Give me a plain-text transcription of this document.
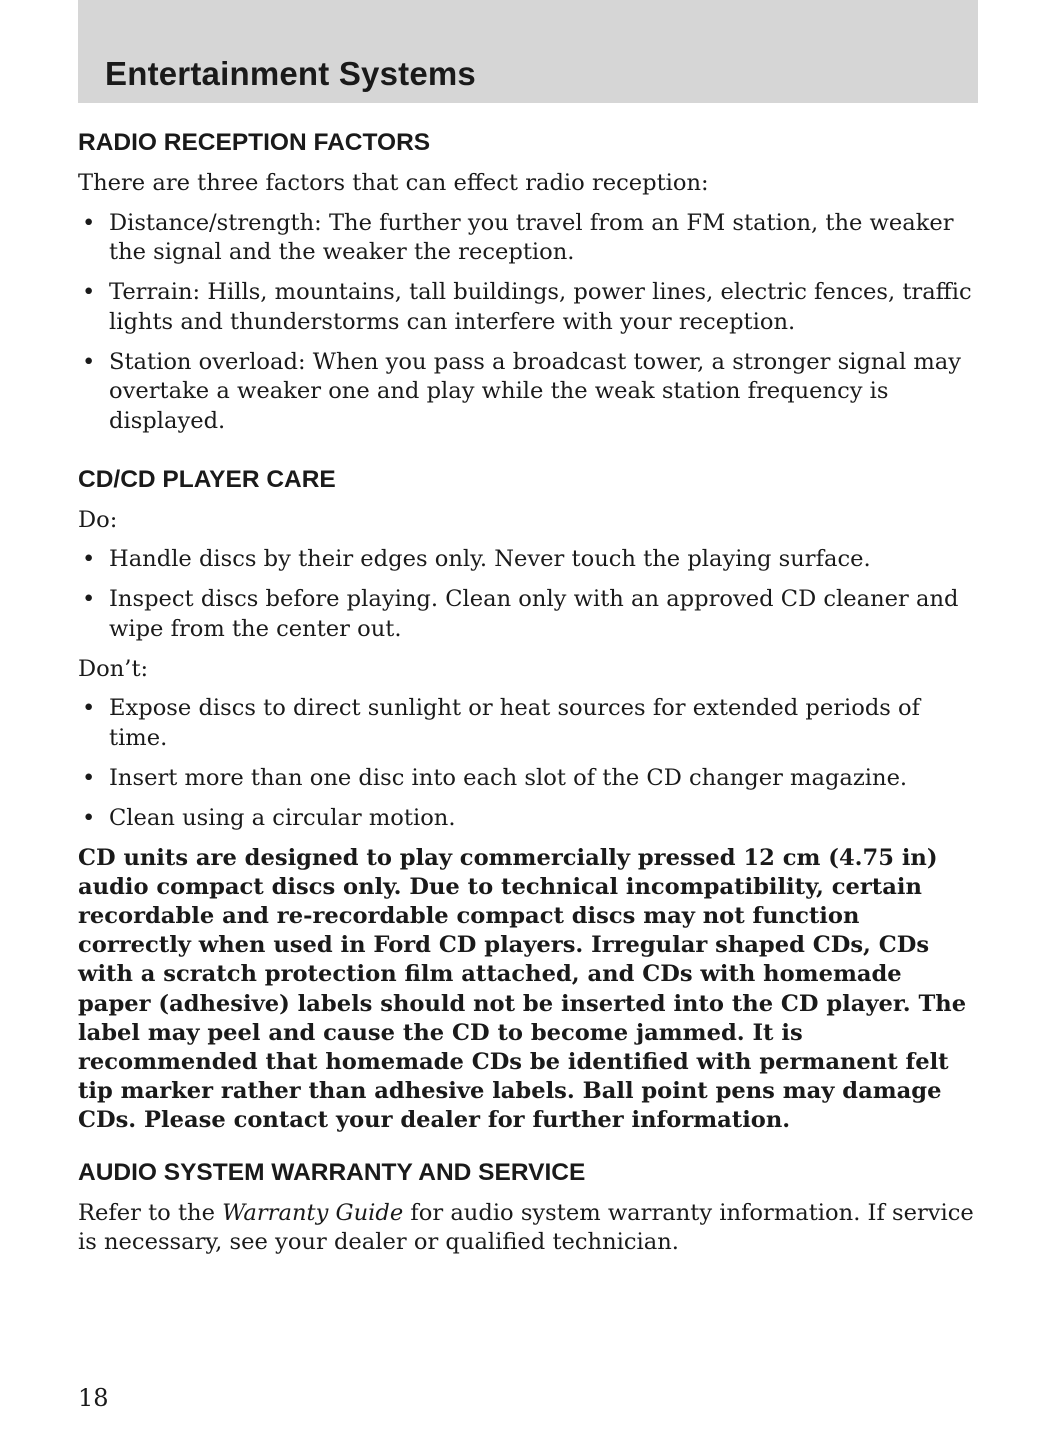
Entertainment Systems
RADIO RECEPTION FACTORS

There are three factors that can effect radio reception:

• Distance/strength: The further you travel from an FM station, the weaker the signal and the weaker the reception.
• Terrain: Hills, mountains, tall buildings, power lines, electric fences, traffic lights and thunderstorms can interfere with your reception.
• Station overload: When you pass a broadcast tower, a stronger signal may overtake a weaker one and play while the weak station frequency is displayed.
CD/CD PLAYER CARE

Do:

• Handle discs by their edges only. Never touch the playing surface.
• Inspect discs before playing. Clean only with an approved CD cleaner and wipe from the center out.

Don’t:

• Expose discs to direct sunlight or heat sources for extended periods of time.
• Insert more than one disc into each slot of the CD changer magazine.
• Clean using a circular motion.

CD units are designed to play commercially pressed 12 cm (4.75 in) audio compact discs only. Due to technical incompatibility, certain recordable and re-recordable compact discs may not function correctly when used in Ford CD players. Irregular shaped CDs, CDs with a scratch protection film attached, and CDs with homemade paper (adhesive) labels should not be inserted into the CD player. The label may peel and cause the CD to become jammed. It is recommended that homemade CDs be identified with permanent felt tip marker rather than adhesive labels. Ball point pens may damage CDs. Please contact your dealer for further information.

AUDIO SYSTEM WARRANTY AND SERVICE

Refer to the Warranty Guide for audio system warranty information. If service is necessary, see your dealer or qualified technician.

18
